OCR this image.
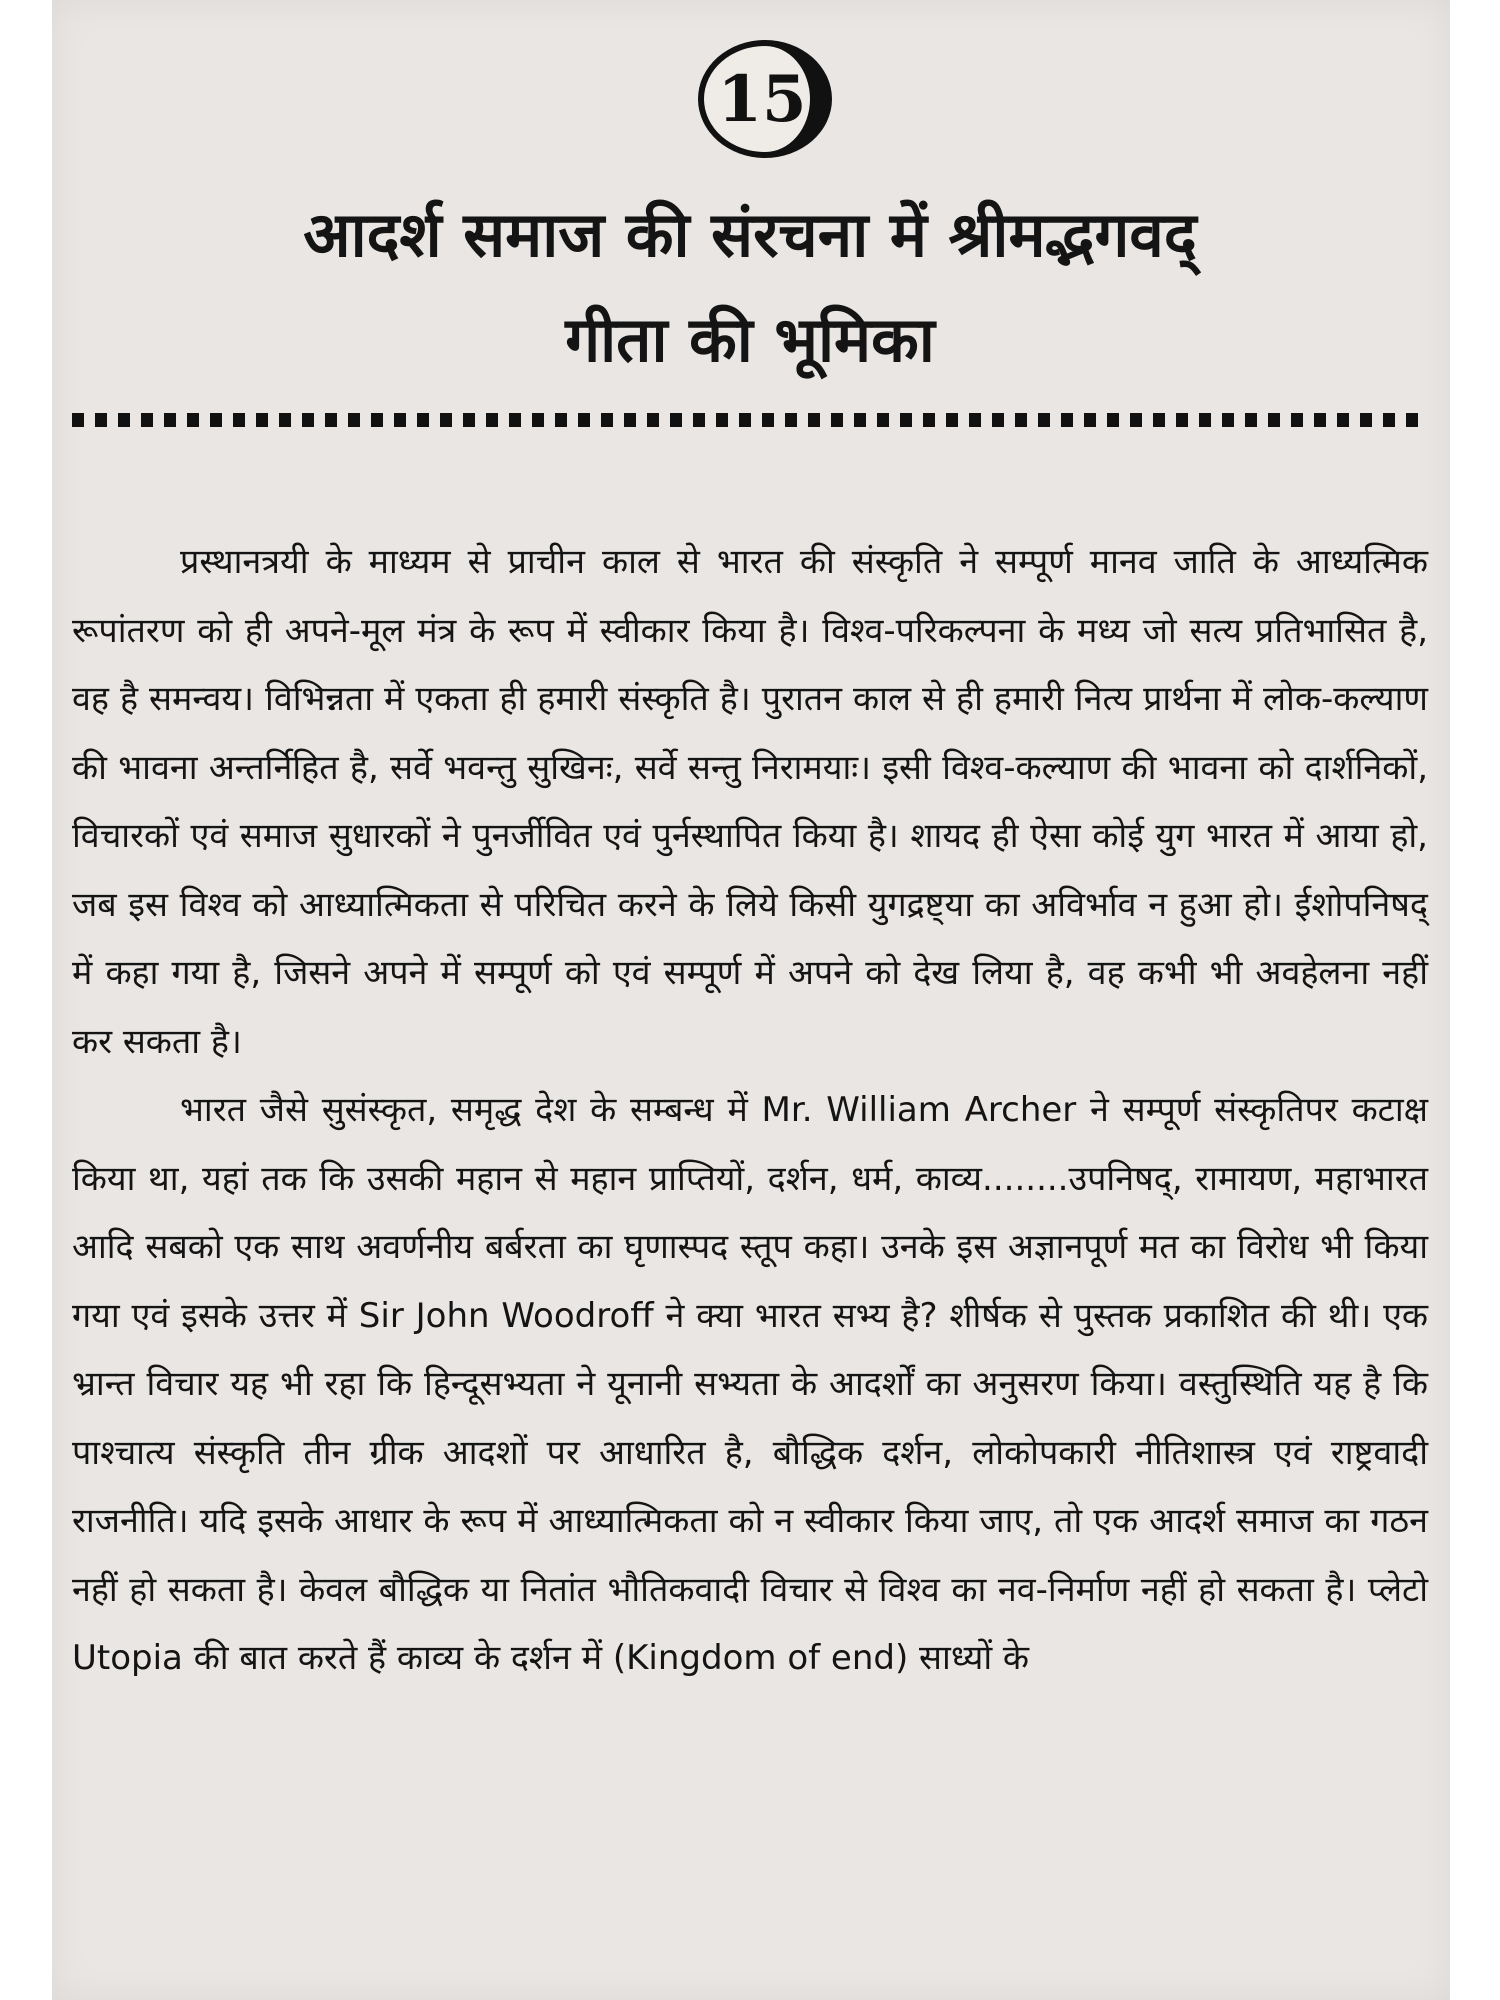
15
आदर्श समाज की संरचना में श्रीमद्भगवद्
गीता की भूमिका

प्रस्थानत्रयी के माध्यम से प्राचीन काल से भारत की संस्कृति ने सम्पूर्ण मानव जाति के आध्यत्मिक रूपांतरण को ही अपने-मूल मंत्र के रूप में स्वीकार किया है। विश्व-परिकल्पना के मध्य जो सत्य प्रतिभासित है, वह है समन्वय। विभिन्नता में एकता ही हमारी संस्कृति है। पुरातन काल से ही हमारी नित्य प्रार्थना में लोक-कल्याण की भावना अन्तर्निहित है, सर्वे भवन्तु सुखिनः, सर्वे सन्तु निरामयाः। इसी विश्व-कल्याण की भावना को दार्शनिकों, विचारकों एवं समाज सुधारकों ने पुनर्जीवित एवं पुर्नस्थापित किया है। शायद ही ऐसा कोई युग भारत में आया हो, जब इस विश्व को आध्यात्मिकता से परिचित करने के लिये किसी युगद्रष्ट्या का अविर्भाव न हुआ हो। ईशोपनिषद् में कहा गया है, जिसने अपने में सम्पूर्ण को एवं सम्पूर्ण में अपने को देख लिया है, वह कभी भी अवहेलना नहीं कर सकता है।

भारत जैसे सुसंस्कृत, समृद्ध देश के सम्बन्ध में Mr. William Archer ने सम्पूर्ण संस्कृतिपर कटाक्ष किया था, यहां तक कि उसकी महान से महान प्राप्तियों, दर्शन, धर्म, काव्य........उपनिषद्, रामायण, महाभारत आदि सबको एक साथ अवर्णनीय बर्बरता का घृणास्पद स्तूप कहा। उनके इस अज्ञानपूर्ण मत का विरोध भी किया गया एवं इसके उत्तर में Sir John Woodroff ने क्या भारत सभ्य है? शीर्षक से पुस्तक प्रकाशित की थी। एक भ्रान्त विचार यह भी रहा कि हिन्दूसभ्यता ने यूनानी सभ्यता के आदर्शों का अनुसरण किया। वस्तुस्थिति यह है कि पाश्चात्य संस्कृति तीन ग्रीक आदशों पर आधारित है, बौद्धिक दर्शन, लोकोपकारी नीतिशास्त्र एवं राष्ट्रवादी राजनीति। यदि इसके आधार के रूप में आध्यात्मिकता को न स्वीकार किया जाए, तो एक आदर्श समाज का गठन नहीं हो सकता है। केवल बौद्धिक या नितांत भौतिकवादी विचार से विश्व का नव-निर्माण नहीं हो सकता है। प्लेटो Utopia की बात करते हैं काव्य के दर्शन में (Kingdom of end) साध्यों के
